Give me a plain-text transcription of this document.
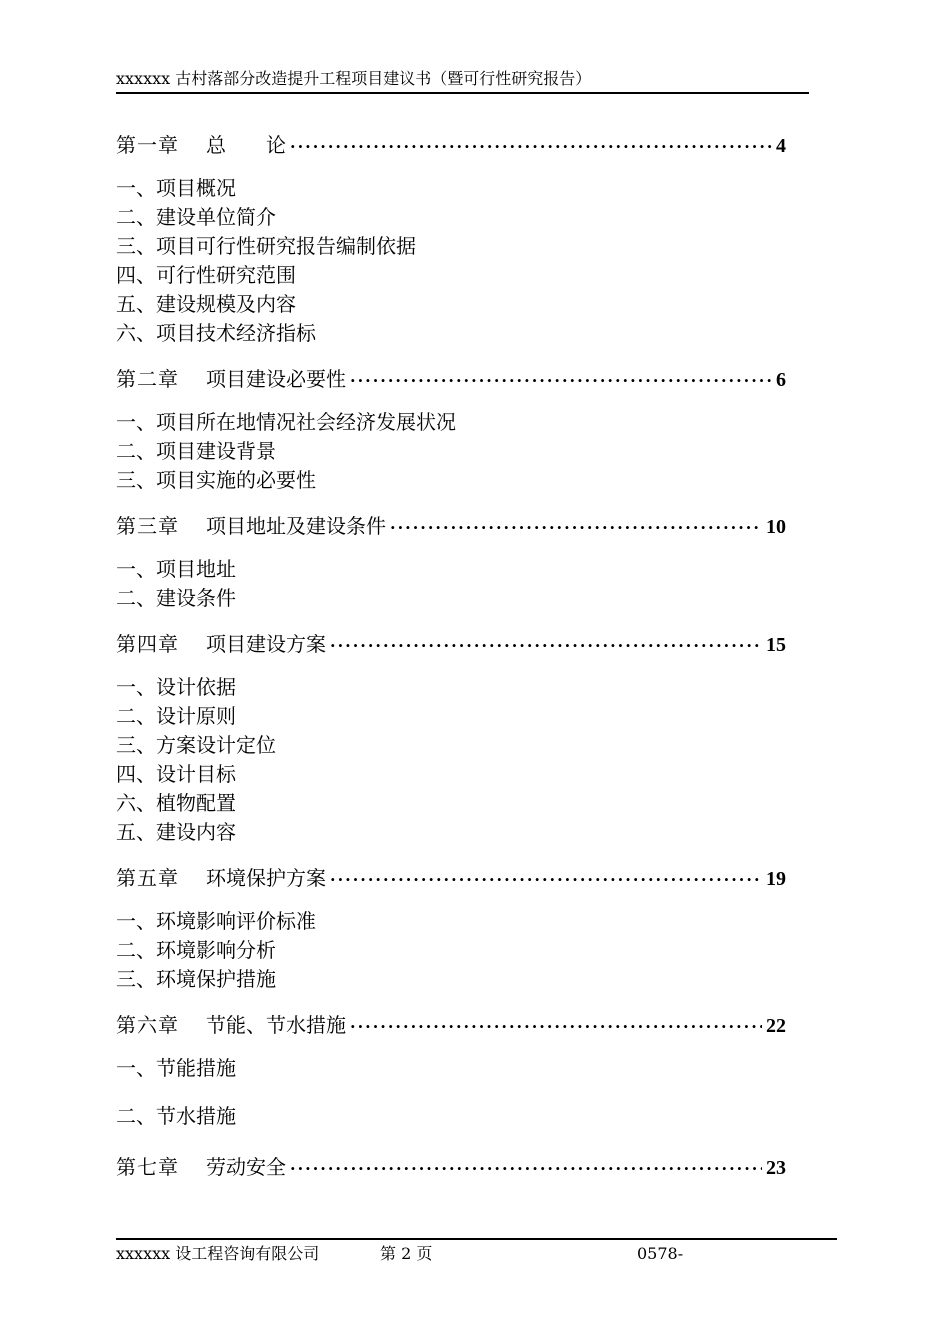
xxxxxx 古村落部分改造提升工程项目建议书（暨可行性研究报告）
第一章	总　　论 ·····	4
一、项目概况
二、建设单位简介
三、项目可行性研究报告编制依据
四、可行性研究范围
五、建设规模及内容
六、项目技术经济指标
第二章	项目建设必要性 ·····	6
一、项目所在地情况社会经济发展状况
二、项目建设背景
三、项目实施的必要性
第三章	项目地址及建设条件 ·····	10
一、项目地址
二、建设条件
第四章	项目建设方案 ·····	15
一、设计依据
二、设计原则
三、方案设计定位
四、设计目标
六、植物配置
五、建设内容
第五章	环境保护方案 ·····	19
一、环境影响评价标准
二、环境影响分析
三、环境保护措施
第六章	节能、节水措施 ·····	22
一、节能措施
二、节水措施
第七章	劳动安全 ·····	23
xxxxxx 设工程咨询有限公司	第 2 页	0578-
